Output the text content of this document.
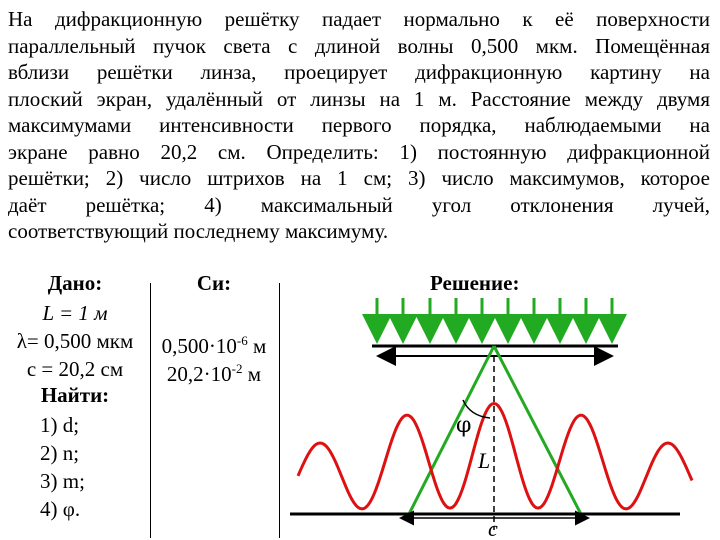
На дифракционную решётку падает нормально к её поверхности
параллельный пучок света с длиной волны 0,500 мкм. Помещённая
вблизи решётки линза, проецирует дифракционную картину на
плоский экран, удалённый от линзы на 1 м. Расстояние между двумя
максимумами интенсивности первого порядка, наблюдаемыми на
экране равно 20,2 см. Определить: 1) постоянную дифракционной
решётки; 2) число штрихов на 1 см; 3) число максимумов, которое
даёт решётка; 4) максимальный угол отклонения лучей,
соответствующий последнему максимуму.
Дано:
L = 1 м
λ= 0,500 мкм
c = 20,2 см
Найти:
1) d;
2) n;
3) m;
4) φ.
Си:
$0,500\cdot 10^{-6}$ м
$20,2\cdot 10^{-2}$ м
Решение:
φ
L
c
